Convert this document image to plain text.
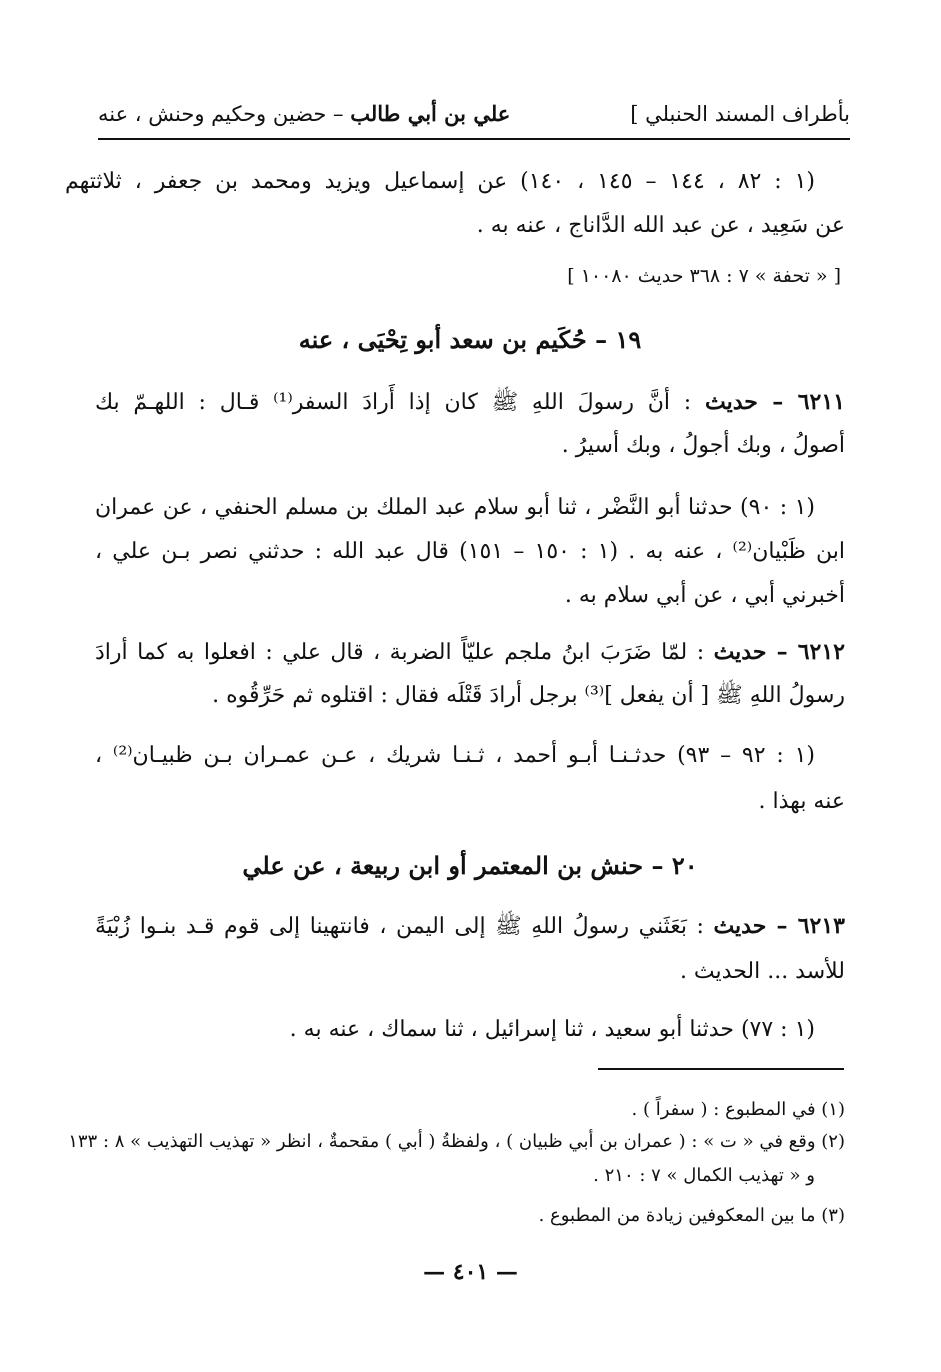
بأطراف المسند الحنبلي ]
علي بن أبي طالب – حضين وحكيم وحنش ، عنه
(١ : ٨٢ ، ١٤٤ – ١٤٥ ، ١٤٠) عن إسماعيل ويزيد ومحمد بن جعفر ، ثلاثتهم
عن سَعِيد ، عن عبد الله الدَّاناج ، عنه به .
[ « تحفة » ٧ : ٣٦٨ حديث ١٠٠٨٠ ]
١٩ – حُكَيم بن سعد أبو تِحْيَى ، عنه
٦٢١١ – حديث : أنَّ رسولَ اللهِ ﷺ كان إذا أَرادَ السفر⁽¹⁾ قـال : اللهـمّ بك
أصولُ ، وبك أجولُ ، وبك أسيرُ .
(١ : ٩٠) حدثنا أبو النَّضْر ، ثنا أبو سلام عبد الملك بن مسلم الحنفي ، عن عمران
ابن ظَبْيان⁽²⁾ ، عنه به . (١ : ١٥٠ – ١٥١) قال عبد الله : حدثني نصر بـن علي ،
أخبرني أبي ، عن أبي سلام به .
٦٢١٢ – حديث : لمّا ضَرَبَ ابنُ ملجم عليّاً الضربة ، قال علي : افعلوا به كما أرادَ
رسولُ اللهِ ﷺ [ أن يفعل ]⁽³⁾ برجل أرادَ قَتْلَه فقال : اقتلوه ثم حَرِّقُوه .
(١ : ٩٢ – ٩٣) حدثـنـا أبـو أحمد ، ثـنـا شريك ، عـن عمـران بـن ظبيـان⁽²⁾ ،
عنه بهذا .
٢٠ – حنش بن المعتمر أو ابن ربيعة ، عن علي
٦٢١٣ – حديث : بَعَثَني رسولُ اللهِ ﷺ إلى اليمن ، فانتهينا إلى قوم قـد بنـوا زُبْيَةً
للأسد ... الحديث .
(١ : ٧٧) حدثنا أبو سعيد ، ثنا إسرائيل ، ثنا سماك ، عنه به .
(١) في المطبوع : ( سفراً ) .
(٢) وقع في « ت » : ( عمران بن أبي ظبيان ) ، ولفظةُ ( أبي ) مقحمةٌ ، انظر « تهذيب التهذيب » ٨ : ١٣٣
و « تهذيب الكمال » ٧ : ٢١٠ .
(٣) ما بين المعكوفين زيادة من المطبوع .
— ٤٠١ —
